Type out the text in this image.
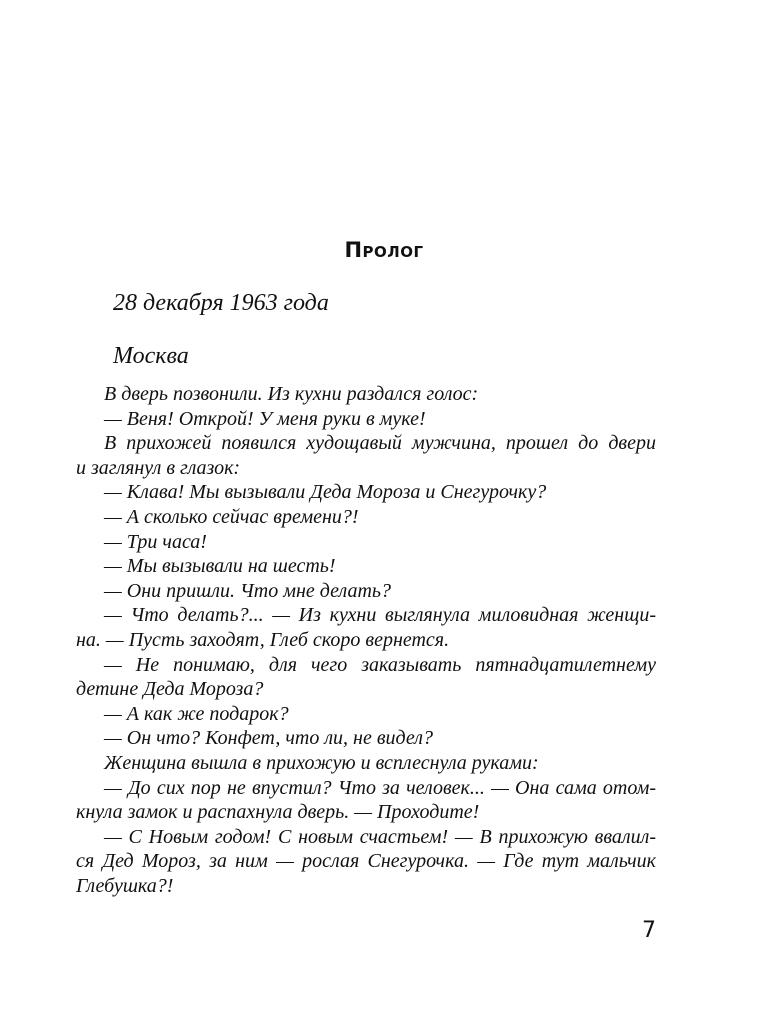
Пролог
28 декабря 1963 года
Москва
В дверь позвонили. Из кухни раздался голос:
— Веня! Открой! У меня руки в муке!
В прихожей появился худощавый мужчина, прошел до двери
и заглянул в глазок:
— Клава! Мы вызывали Деда Мороза и Снегурочку?
— А сколько сейчас времени?!
— Три часа!
— Мы вызывали на шесть!
— Они пришли. Что мне делать?
— Что делать?... — Из кухни выглянула миловидная женщи-
на. — Пусть заходят, Глеб скоро вернется.
— Не понимаю, для чего заказывать пятнадцатилетнему
детине Деда Мороза?
— А как же подарок?
— Он что? Конфет, что ли, не видел?
Женщина вышла в прихожую и всплеснула руками:
— До сих пор не впустил? Что за человек... — Она сама отом-
кнула замок и распахнула дверь. — Проходите!
— С Новым годом! С новым счастьем! — В прихожую ввалил-
ся Дед Мороз, за ним — рослая Снегурочка. — Где тут мальчик
Глебушка?!
7
